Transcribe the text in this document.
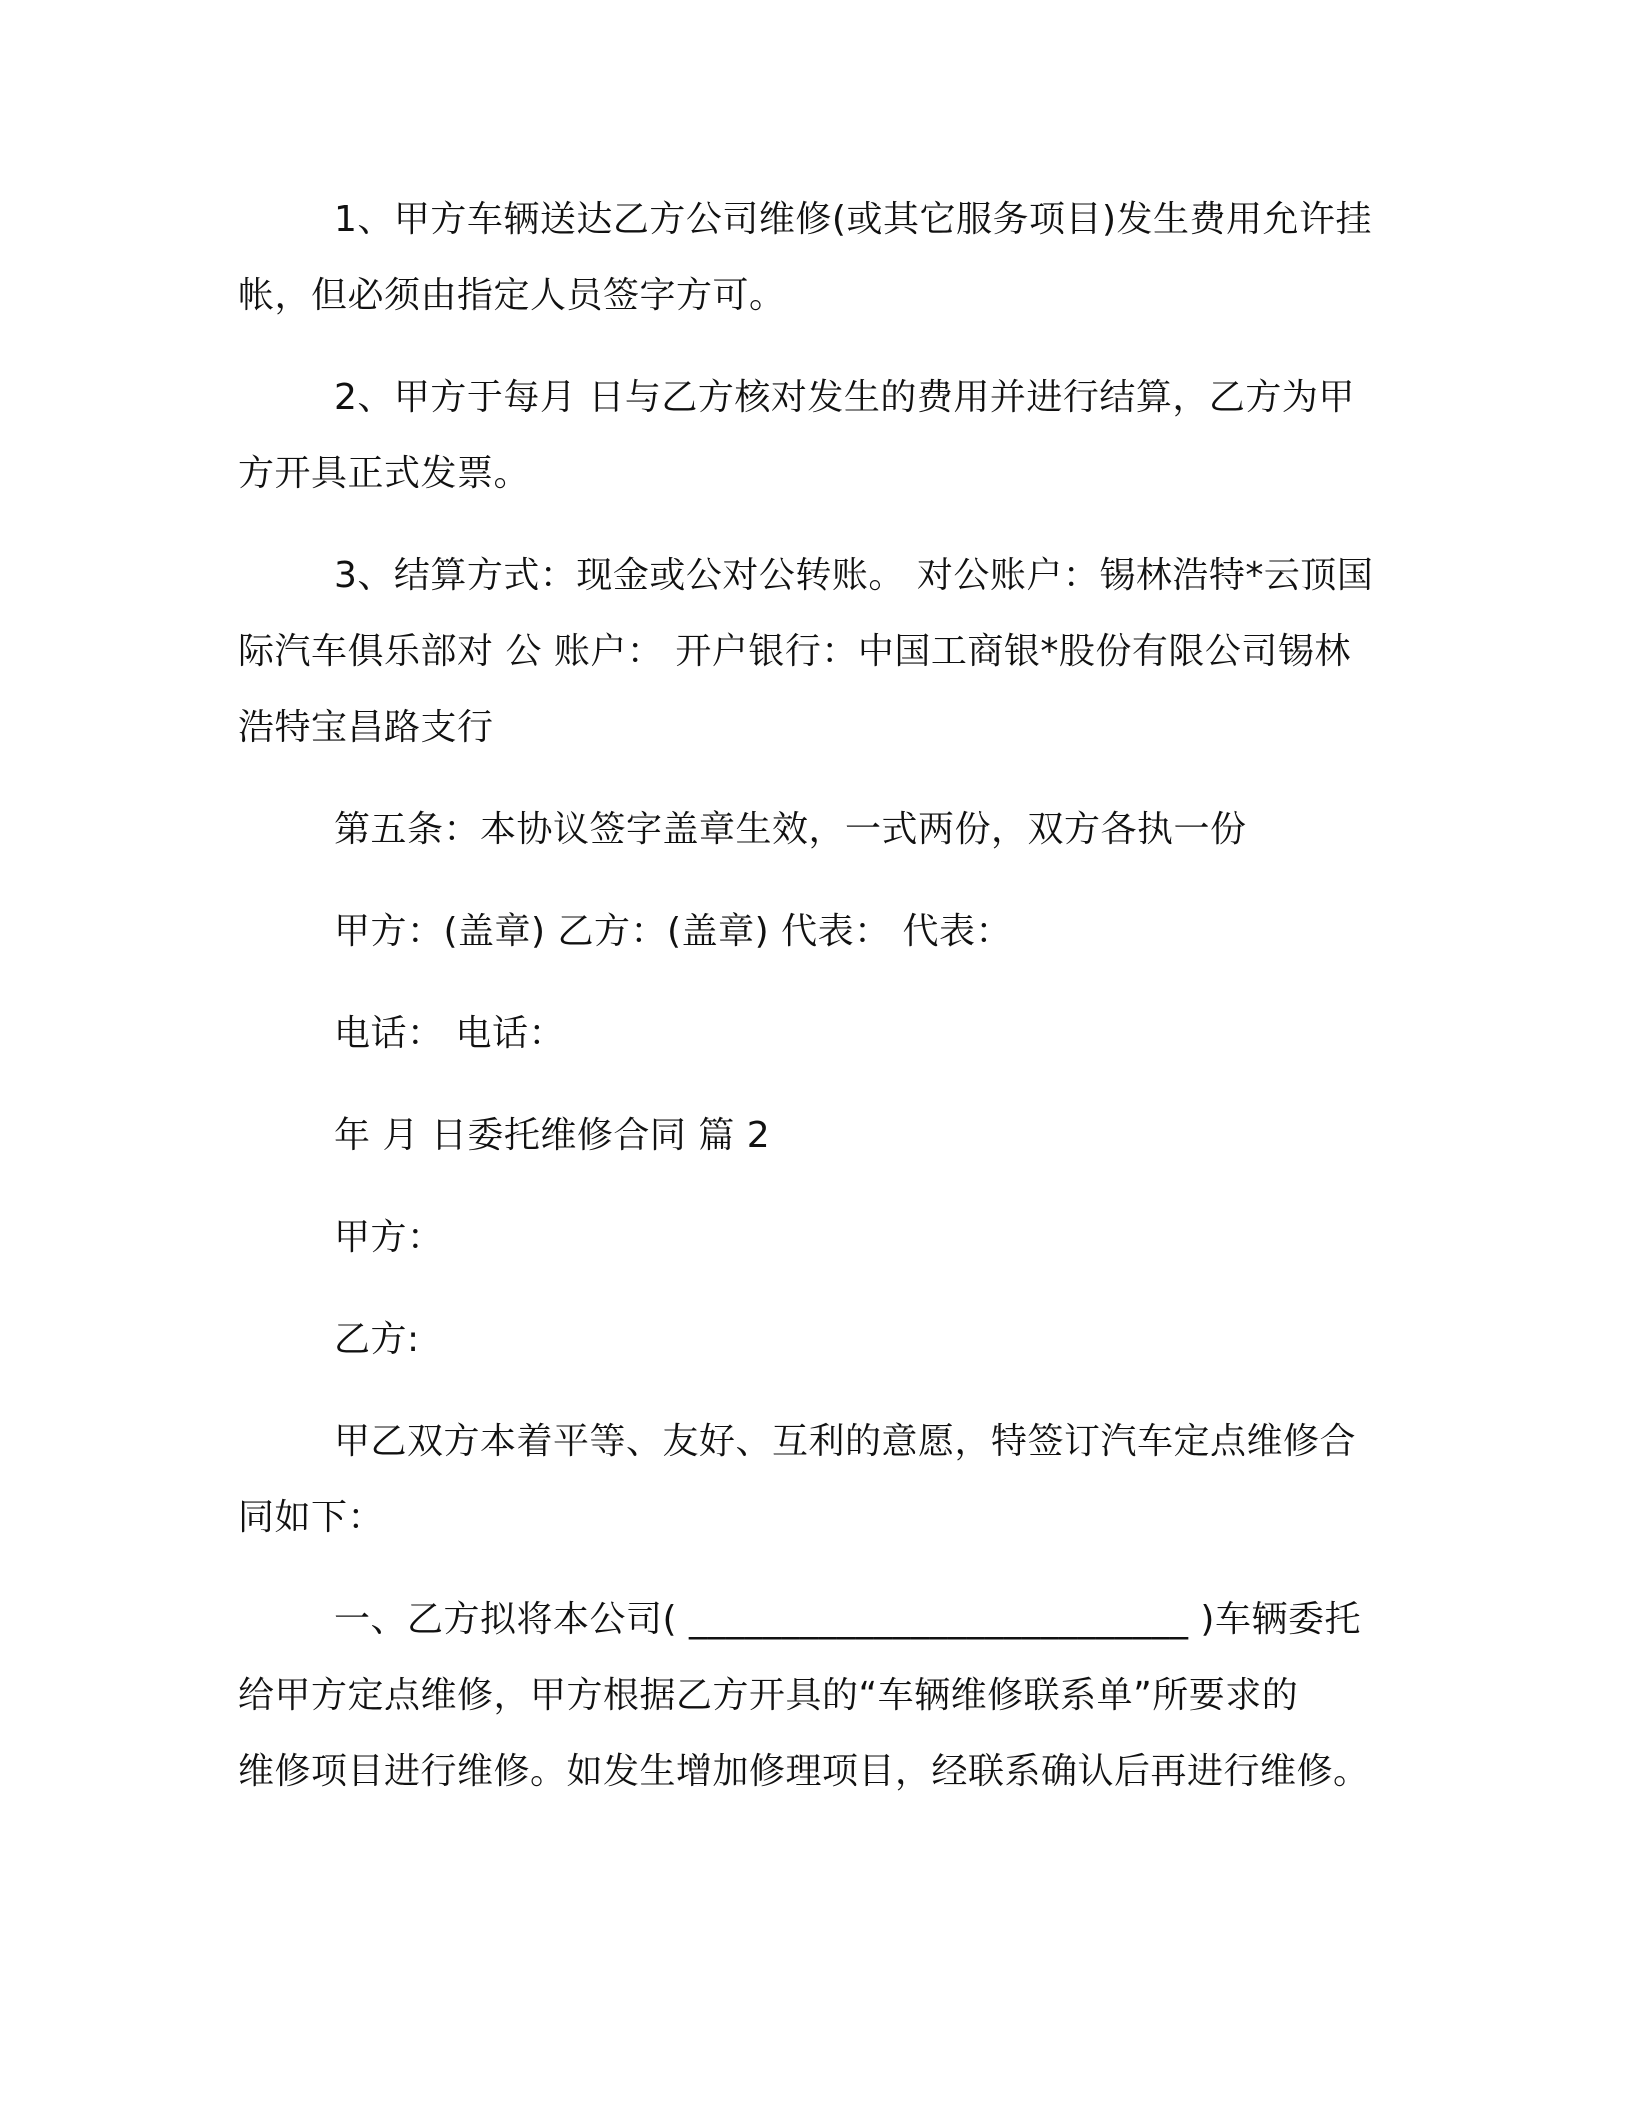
1、甲方车辆送达乙方公司维修(或其它服务项目)发生费用允许挂
帐，但必须由指定人员签字方可。
2、甲方于每月 日与乙方核对发生的费用并进行结算，乙方为甲
方开具正式发票。
3、结算方式：现金或公对公转账。 对公账户：锡林浩特*云顶国
际汽车俱乐部对 公 账户： 开户银行：中国工商银*股份有限公司锡林
浩特宝昌路支行
第五条：本协议签字盖章生效，一式两份，双方各执一份
甲方：(盖章) 乙方：(盖章) 代表： 代表：
电话： 电话：
年 月 日委托维修合同 篇 2
甲方：
乙方:
甲乙双方本着平等、友好、互利的意愿，特签订汽车定点维修合
同如下：
一、乙方拟将本公司( ___________________________ )车辆委托
给甲方定点维修，甲方根据乙方开具的“车辆维修联系单”所要求的
维修项目进行维修。如发生增加修理项目，经联系确认后再进行维修。
